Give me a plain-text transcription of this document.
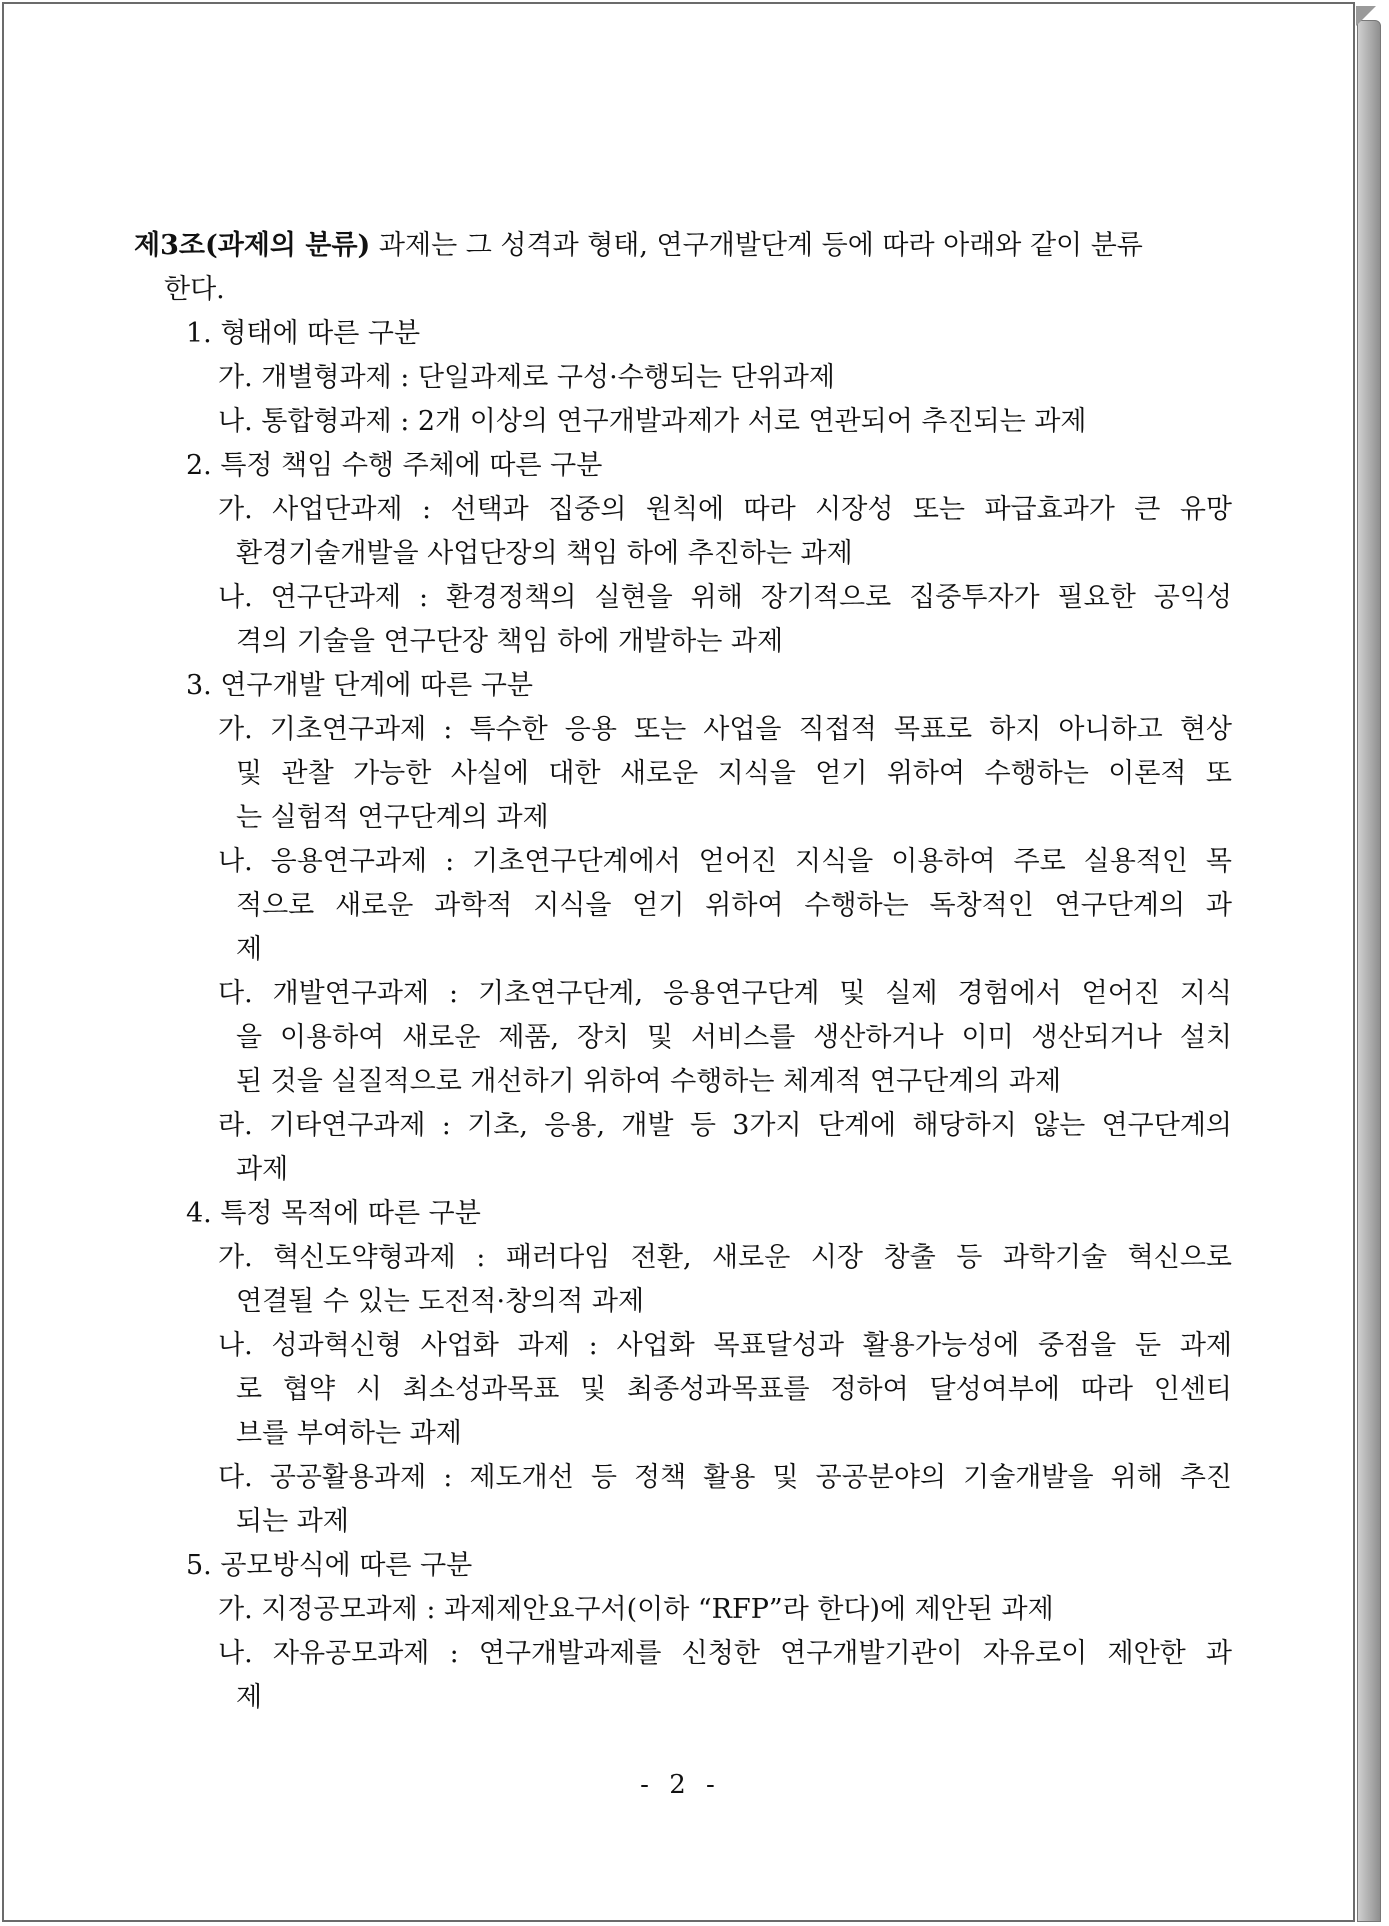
제3조(과제의 분류) 과제는 그 성격과 형태, 연구개발단계 등에 따라 아래와 같이 분류
한다.
1. 형태에 따른 구분
가. 개별형과제 : 단일과제로 구성·수행되는 단위과제
나. 통합형과제 : 2개 이상의 연구개발과제가 서로 연관되어 추진되는 과제
2. 특정 책임 수행 주체에 따른 구분
가. 사업단과제 : 선택과 집중의 원칙에 따라 시장성 또는 파급효과가 큰 유망
환경기술개발을 사업단장의 책임 하에 추진하는 과제
나. 연구단과제 : 환경정책의 실현을 위해 장기적으로 집중투자가 필요한 공익성
격의 기술을 연구단장 책임 하에 개발하는 과제
3. 연구개발 단계에 따른 구분
가. 기초연구과제 : 특수한 응용 또는 사업을 직접적 목표로 하지 아니하고 현상
및 관찰 가능한 사실에 대한 새로운 지식을 얻기 위하여 수행하는 이론적 또
는 실험적 연구단계의 과제
나. 응용연구과제 : 기초연구단계에서 얻어진 지식을 이용하여 주로 실용적인 목
적으로 새로운 과학적 지식을 얻기 위하여 수행하는 독창적인 연구단계의 과
제
다. 개발연구과제 : 기초연구단계, 응용연구단계 및 실제 경험에서 얻어진 지식
을 이용하여 새로운 제품, 장치 및 서비스를 생산하거나 이미 생산되거나 설치
된 것을 실질적으로 개선하기 위하여 수행하는 체계적 연구단계의 과제
라. 기타연구과제 : 기초, 응용, 개발 등 3가지 단계에 해당하지 않는 연구단계의
과제
4. 특정 목적에 따른 구분
가. 혁신도약형과제 : 패러다임 전환, 새로운 시장 창출 등 과학기술 혁신으로
연결될 수 있는 도전적·창의적 과제
나. 성과혁신형 사업화 과제 : 사업화 목표달성과 활용가능성에 중점을 둔 과제
로 협약 시 최소성과목표 및 최종성과목표를 정하여 달성여부에 따라 인센티
브를 부여하는 과제
다. 공공활용과제 : 제도개선 등 정책 활용 및 공공분야의 기술개발을 위해 추진
되는 과제
5. 공모방식에 따른 구분
가. 지정공모과제 : 과제제안요구서(이하 “RFP”라 한다)에 제안된 과제
나. 자유공모과제 : 연구개발과제를 신청한 연구개발기관이 자유로이 제안한 과
제
- 2 -
